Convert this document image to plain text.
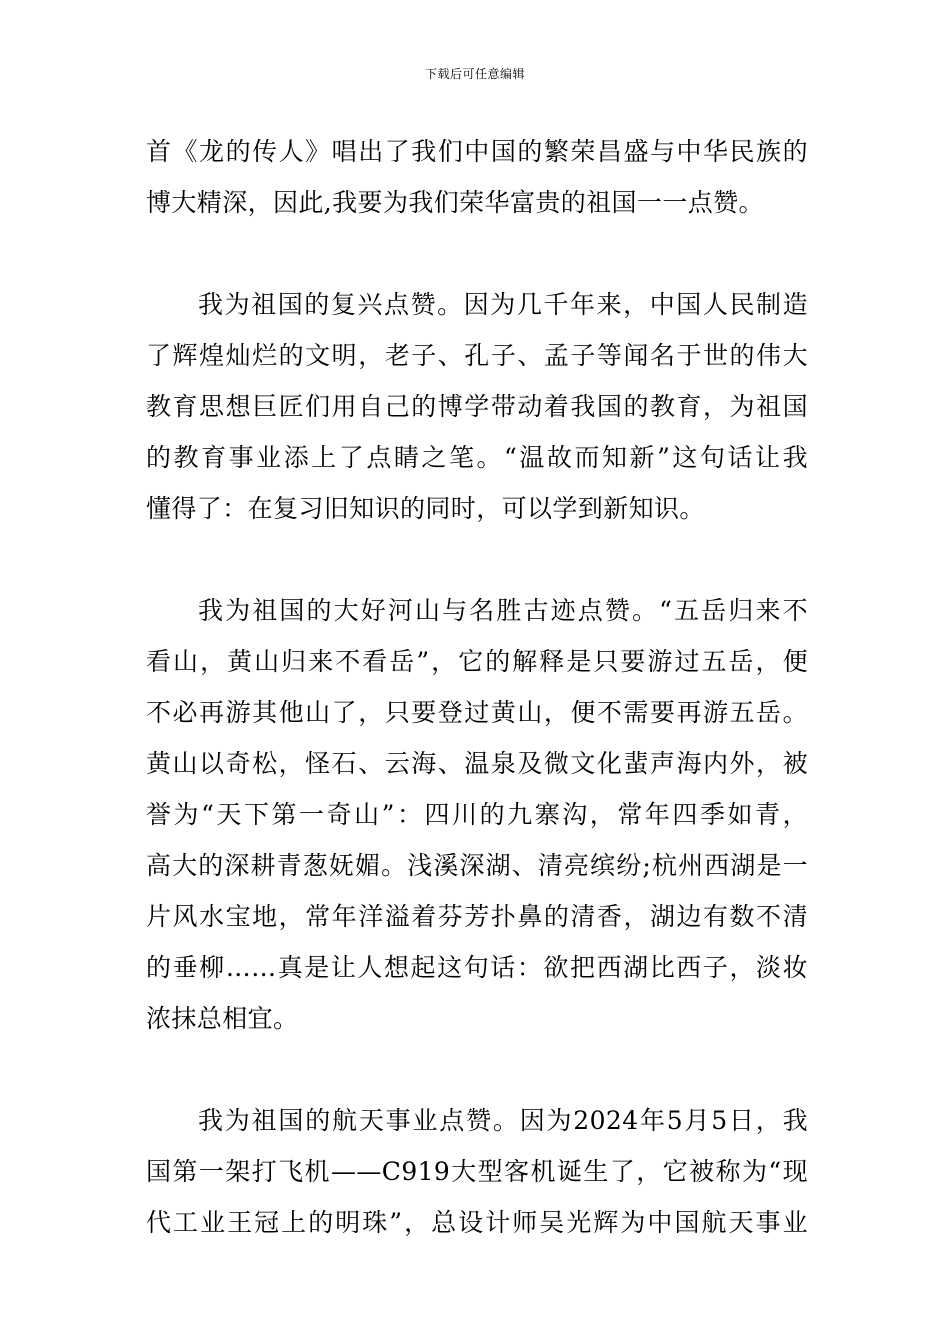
下载后可任意编辑
首《龙的传人》唱出了我们中国的繁荣昌盛与中华民族的
博大精深，因此,我要为我们荣华富贵的祖国一一点赞。
我为祖国的复兴点赞。因为几千年来，中国人民制造
了辉煌灿烂的文明，老子、孔子、孟子等闻名于世的伟大
教育思想巨匠们用自己的博学带动着我国的教育，为祖国
的教育事业添上了点睛之笔。“温故而知新”这句话让我
懂得了：在复习旧知识的同时，可以学到新知识。
我为祖国的大好河山与名胜古迹点赞。“五岳归来不
看山，黄山归来不看岳”，它的解释是只要游过五岳，便
不必再游其他山了，只要登过黄山，便不需要再游五岳。
黄山以奇松，怪石、云海、温泉及微文化蜚声海内外，被
誉为“天下第一奇山”：四川的九寨沟，常年四季如青，
高大的深耕青葱妩媚。浅溪深湖、清亮缤纷;杭州西湖是一
片风水宝地，常年洋溢着芬芳扑鼻的清香，湖边有数不清
的垂柳……真是让人想起这句话：欲把西湖比西子，淡妆
浓抹总相宜。
我为祖国的航天事业点赞。因为2024年5月5日，我
国第一架打飞机——C919大型客机诞生了，它被称为“现
代工业王冠上的明珠”，总设计师吴光辉为中国航天事业
